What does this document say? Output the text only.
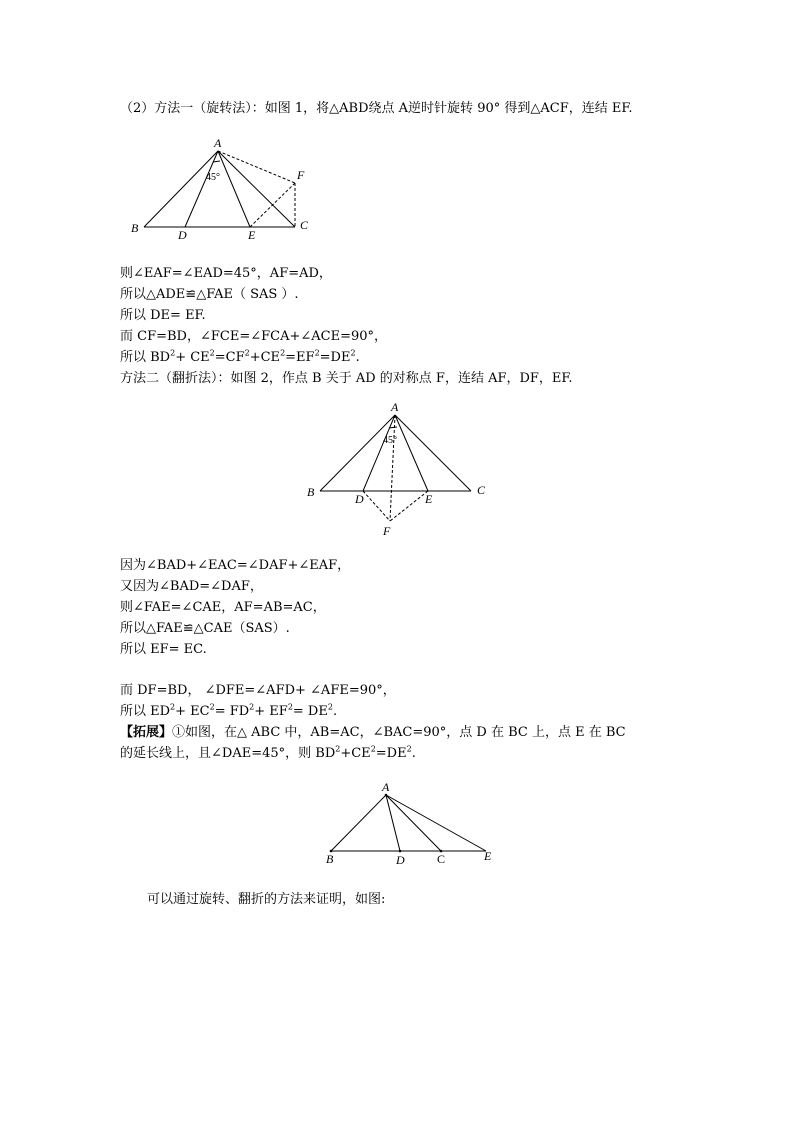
（2）方法一（旋转法）：如图 1，将△ABD绕点 A逆时针旋转 90° 得到△ACF，连结 EF.
A
B	C
D	E
F
45°
则∠EAF=∠EAD=45°，AF=AD，
所以△ADE≌△FAE（ SAS ）.
所以 DE= EF.
而 CF=BD，∠FCE=∠FCA+∠ACE=90°，
所以 $BD^2+ CE^2=CF^2+CE^2=EF^2=DE^2$.
方法二（翻折法）：如图 2，作点 B 关于 AD 的对称点 F，连结 AF，DF，EF.
A
B	C
D	E
F
45°
因为∠BAD+∠EAC=∠DAF+∠EAF，
又因为∠BAD=∠DAF，
则∠FAE=∠CAE，AF=AB=AC，
所以△FAE≌△CAE（SAS）.
所以 EF= EC.
而 DF=BD， ∠DFE=∠AFD+ ∠AFE=90°，
所以 $ED^2+ EC^2= FD^2+ EF^2= DE^2$.
【拓展】①如图，在△ ABC 中，AB=AC，∠BAC=90°，点 D 在 BC 上，点 E 在 BC
的延长线上，且∠DAE=45°，则 $BD^2+CE^2=DE^2$.
A
B	D	C	E
可以通过旋转、翻折的方法来证明，如图:
